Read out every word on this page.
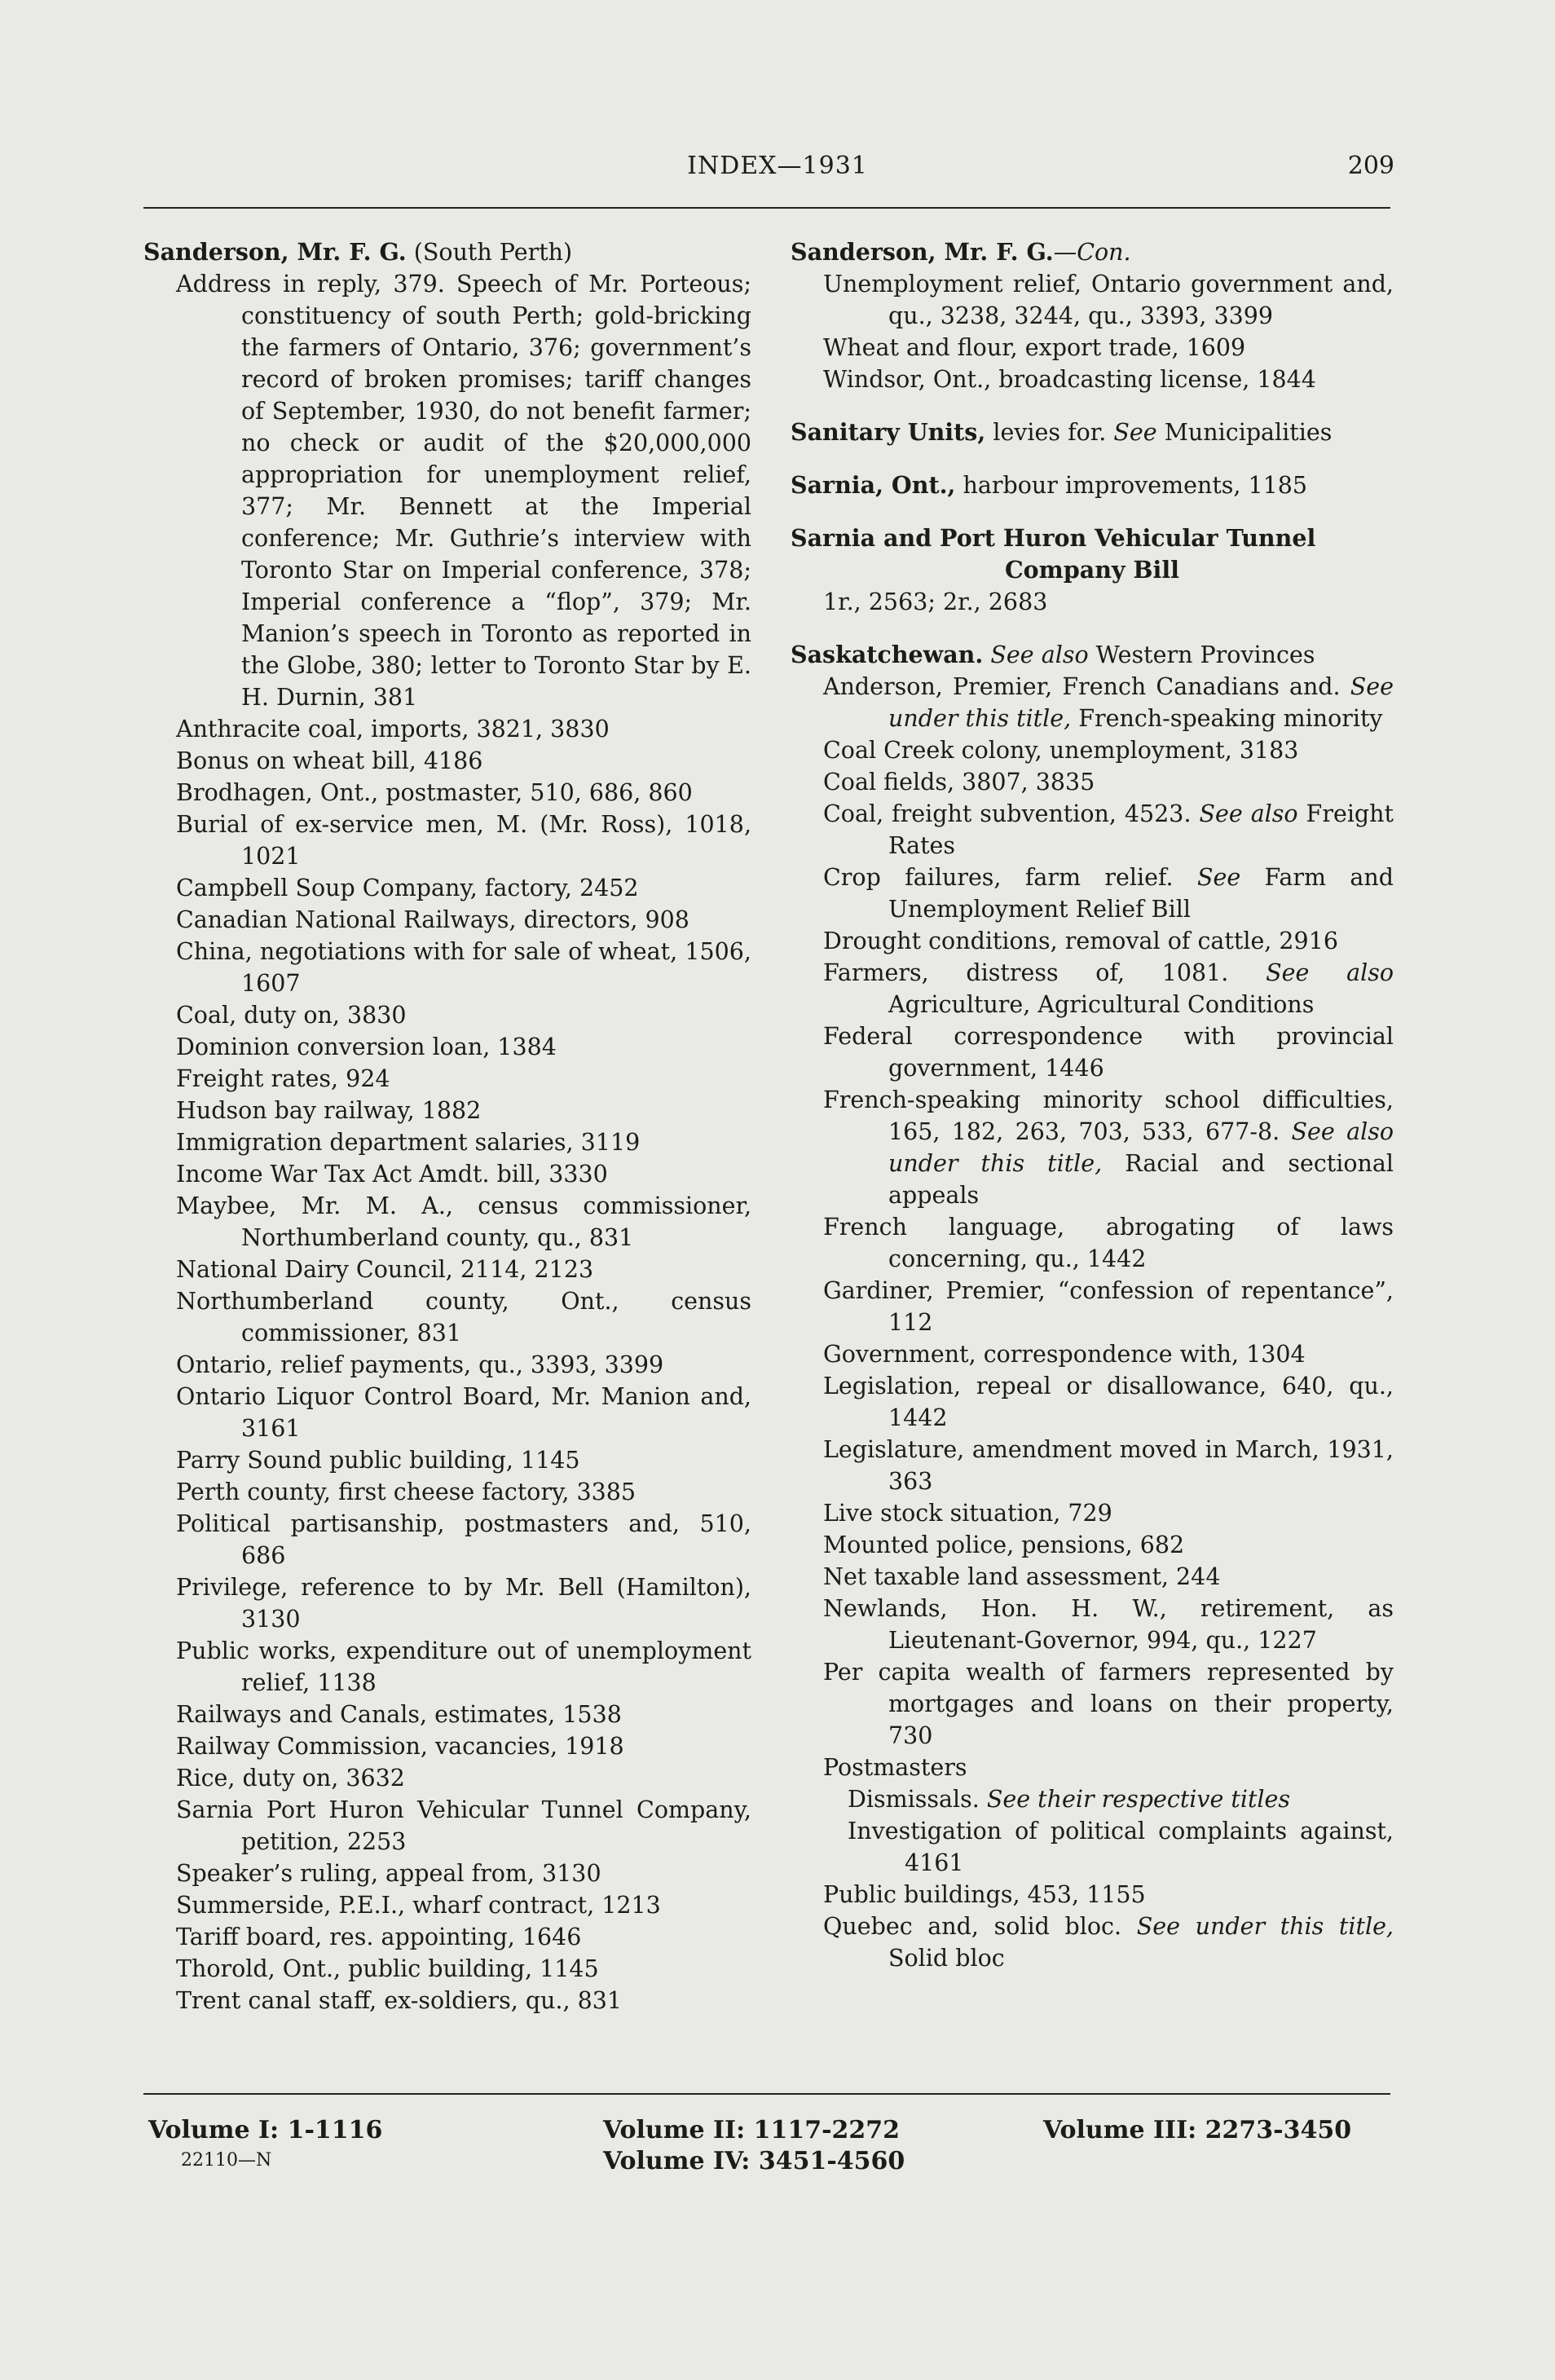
INDEX—1931	209
Sanderson, Mr. F. G. (South Perth)
Address in reply, 379. Speech of Mr. Porteous; constituency of south Perth; gold-bricking the farmers of Ontario, 376; government’s record of broken promises; tariff changes of September, 1930, do not benefit farmer; no check or audit of the $20,000,000 appropriation for unemployment relief, 377; Mr. Bennett at the Imperial conference; Mr. Guthrie’s interview with Toronto Star on Imperial conference, 378; Imperial conference a “flop”, 379; Mr. Manion’s speech in Toronto as reported in the Globe, 380; letter to Toronto Star by E. H. Durnin, 381
Anthracite coal, imports, 3821, 3830
Bonus on wheat bill, 4186
Brodhagen, Ont., postmaster, 510, 686, 860
Burial of ex-service men, M. (Mr. Ross), 1018, 1021
Campbell Soup Company, factory, 2452
Canadian National Railways, directors, 908
China, negotiations with for sale of wheat, 1506, 1607
Coal, duty on, 3830
Dominion conversion loan, 1384
Freight rates, 924
Hudson bay railway, 1882
Immigration department salaries, 3119
Income War Tax Act Amdt. bill, 3330
Maybee, Mr. M. A., census commissioner, Northumberland county, qu., 831
National Dairy Council, 2114, 2123
Northumberland county, Ont., census commissioner, 831
Ontario, relief payments, qu., 3393, 3399
Ontario Liquor Control Board, Mr. Manion and, 3161
Parry Sound public building, 1145
Perth county, first cheese factory, 3385
Political partisanship, postmasters and, 510, 686
Privilege, reference to by Mr. Bell (Hamilton), 3130
Public works, expenditure out of unemployment relief, 1138
Railways and Canals, estimates, 1538
Railway Commission, vacancies, 1918
Rice, duty on, 3632
Sarnia Port Huron Vehicular Tunnel Company, petition, 2253
Speaker’s ruling, appeal from, 3130
Summerside, P.E.I., wharf contract, 1213
Tariff board, res. appointing, 1646
Thorold, Ont., public building, 1145
Trent canal staff, ex-soldiers, qu., 831
Sanderson, Mr. F. G.—Con.
Unemployment relief, Ontario government and, qu., 3238, 3244, qu., 3393, 3399
Wheat and flour, export trade, 1609
Windsor, Ont., broadcasting license, 1844
Sanitary Units, levies for. See Municipalities
Sarnia, Ont., harbour improvements, 1185
Sarnia and Port Huron Vehicular Tunnel
Company Bill
1r., 2563; 2r., 2683
Saskatchewan. See also Western Provinces
Anderson, Premier, French Canadians and. See under this title, French-speaking minority
Coal Creek colony, unemployment, 3183
Coal fields, 3807, 3835
Coal, freight subvention, 4523. See also Freight Rates
Crop failures, farm relief. See Farm and Unemployment Relief Bill
Drought conditions, removal of cattle, 2916
Farmers, distress of, 1081. See also Agriculture, Agricultural Conditions
Federal correspondence with provincial government, 1446
French-speaking minority school difficulties, 165, 182, 263, 703, 533, 677-8. See also under this title, Racial and sectional appeals
French language, abrogating of laws concerning, qu., 1442
Gardiner, Premier, “confession of repentance”, 112
Government, correspondence with, 1304
Legislation, repeal or disallowance, 640, qu., 1442
Legislature, amendment moved in March, 1931, 363
Live stock situation, 729
Mounted police, pensions, 682
Net taxable land assessment, 244
Newlands, Hon. H. W., retirement, as Lieutenant-Governor, 994, qu., 1227
Per capita wealth of farmers represented by mortgages and loans on their property, 730
Postmasters
Dismissals. See their respective titles
Investigation of political complaints against, 4161
Public buildings, 453, 1155
Quebec and, solid bloc. See under this title, Solid bloc
Volume I: 1-1116	Volume II: 1117-2272	Volume III: 2273-3450
Volume IV: 3451-4560
22110—N
